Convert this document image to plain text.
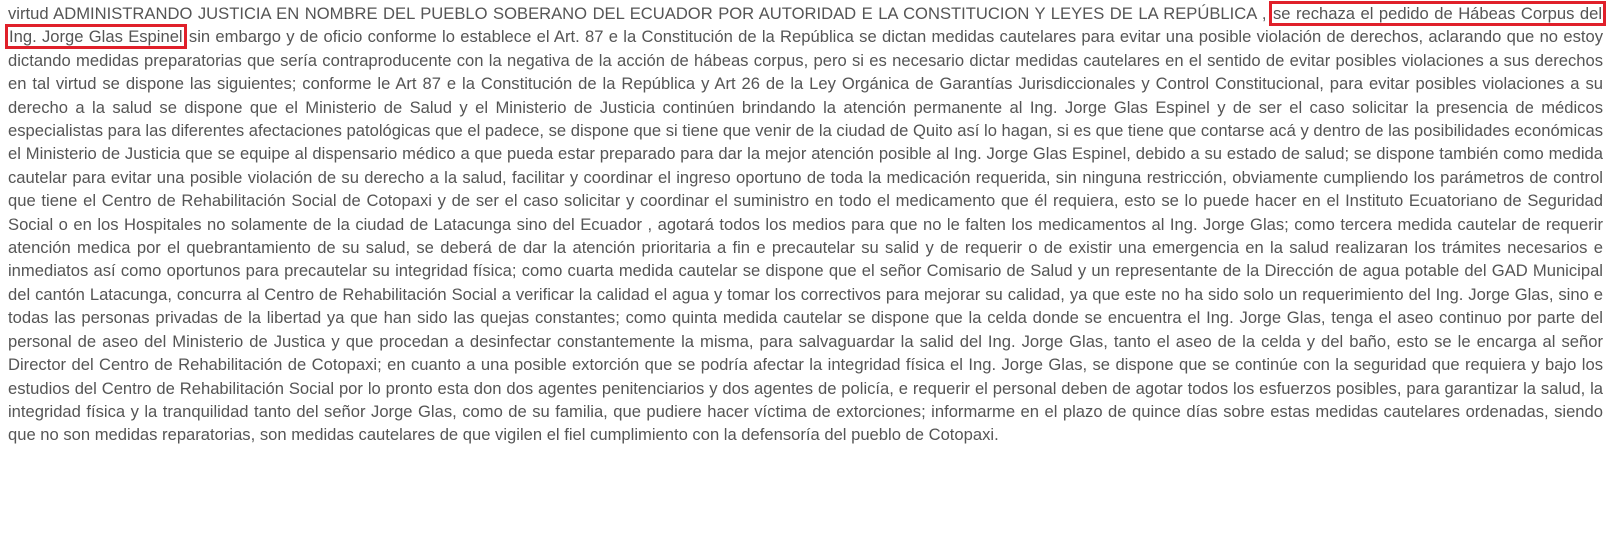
virtud ADMINISTRANDO JUSTICIA EN NOMBRE DEL PUEBLO SOBERANO DEL ECUADOR POR AUTORIDAD E LA CONSTITUCION Y LEYES DE LA REPÚBLICA , se rechaza el pedido de Hábeas Corpus del Ing. Jorge Glas Espinel sin embargo y de oficio conforme lo establece el Art. 87 e la Constitución de la República se dictan medidas cautelares para evitar una posible violación de derechos, aclarando que no estoy dictando medidas preparatorias que sería contraproducente con la negativa de la acción de hábeas corpus, pero si es necesario dictar medidas cautelares en el sentido de evitar posibles violaciones a sus derechos en tal virtud se dispone las siguientes; conforme le Art 87 e la Constitución de la República y Art 26 de la Ley Orgánica de Garantías Jurisdiccionales y Control Constitucional, para evitar posibles violaciones a su derecho a la salud se dispone que el Ministerio de Salud y el Ministerio de Justicia continúen brindando la atención permanente al Ing. Jorge Glas Espinel y de ser el caso solicitar la presencia de médicos especialistas para las diferentes afectaciones patológicas que el padece, se dispone que si tiene que venir de la ciudad de Quito así lo hagan, si es que tiene que contarse acá y dentro de las posibilidades económicas el Ministerio de Justicia que se equipe al dispensario médico a que pueda estar preparado para dar la mejor atención posible al Ing. Jorge Glas Espinel, debido a su estado de salud; se dispone también como medida cautelar para evitar una posible violación de su derecho a la salud, facilitar y coordinar el ingreso oportuno de toda la medicación requerida, sin ninguna restricción, obviamente cumpliendo los parámetros de control que tiene el Centro de Rehabilitación Social de Cotopaxi y de ser el caso solicitar y coordinar el suministro en todo el medicamento que él requiera, esto se lo puede hacer en el Instituto Ecuatoriano de Seguridad Social o en los Hospitales no solamente de la ciudad de Latacunga sino del Ecuador , agotará todos los medios para que no le falten los medicamentos al Ing. Jorge Glas; como tercera medida cautelar de requerir atención medica por el quebrantamiento de su salud, se deberá de dar la atención prioritaria a fin e precautelar su salid y de requerir o de existir una emergencia en la salud realizaran los trámites necesarios e inmediatos así como oportunos para precautelar su integridad física; como cuarta medida cautelar se dispone que el señor Comisario de Salud y un representante de la Dirección de agua potable del GAD Municipal del cantón Latacunga, concurra al Centro de Rehabilitación Social a verificar la calidad el agua y tomar los correctivos para mejorar su calidad, ya que este no ha sido solo un requerimiento del Ing. Jorge Glas, sino e todas las personas privadas de la libertad ya que han sido las quejas constantes; como quinta medida cautelar se dispone que la celda donde se encuentra el Ing. Jorge Glas, tenga el aseo continuo por parte del personal de aseo del Ministerio de Justica y que procedan a desinfectar constantemente la misma, para salvaguardar la salid del Ing. Jorge Glas, tanto el aseo de la celda y del baño, esto se le encarga al señor Director del Centro de Rehabilitación de Cotopaxi; en cuanto a una posible extorción que se podría afectar la integridad física el Ing. Jorge Glas, se dispone que se continúe con la seguridad que requiera y bajo los estudios del Centro de Rehabilitación Social por lo pronto esta don dos agentes penitenciarios y dos agentes de policía, e requerir el personal deben de agotar todos los esfuerzos posibles, para garantizar la salud, la integridad física y la tranquilidad tanto del señor Jorge Glas, como de su familia, que pudiere hacer víctima de extorciones; informarme en el plazo de quince días sobre estas medidas cautelares ordenadas, siendo que no son medidas reparatorias, son medidas cautelares de que vigilen el fiel cumplimiento con la defensoría del pueblo de Cotopaxi.
